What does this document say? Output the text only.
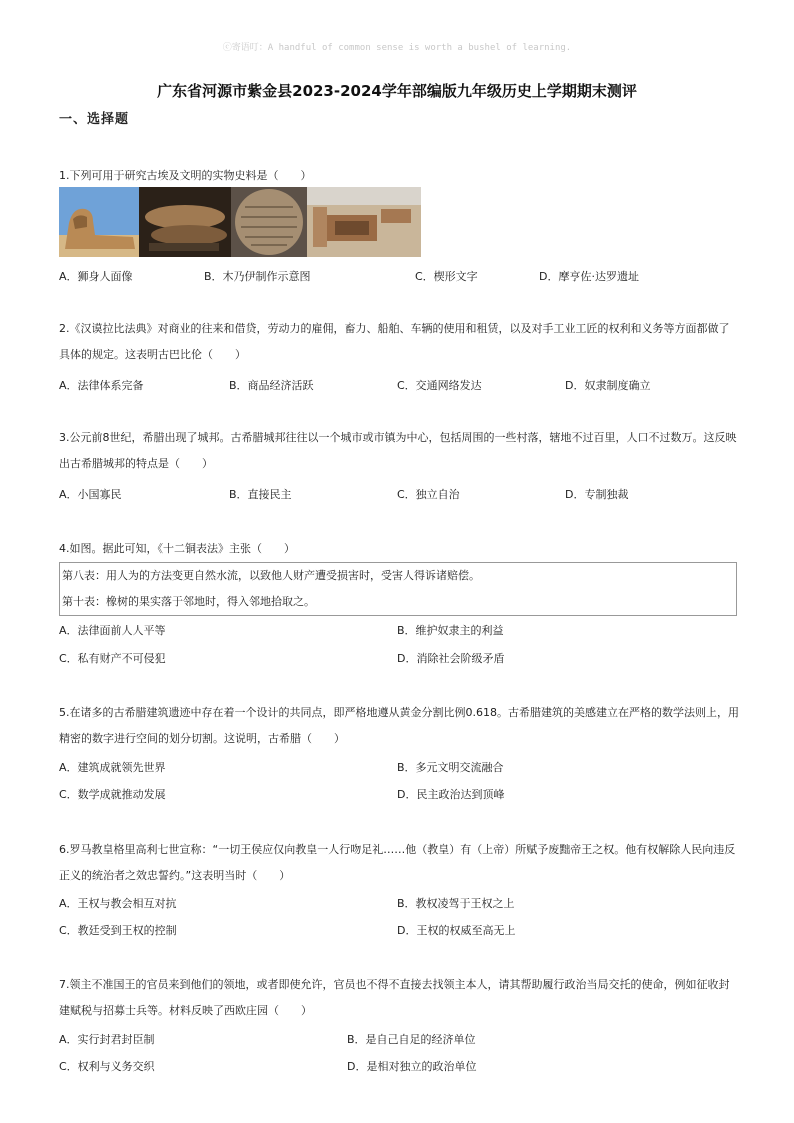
ⓒ寄语叮：A handful of common sense is worth a bushel of learning.
广东省河源市紫金县2023-2024学年部编版九年级历史上学期期末测评
一、选择题
1.下列可用于研究古埃及文明的实物史料是（　　）
A．狮身人面像	B．木乃伊制作示意图	C．楔形文字	D．摩亨佐·达罗遗址
2.《汉谟拉比法典》对商业的往来和借贷，劳动力的雇佣，畜力、船舶、车辆的使用和租赁，以及对手工业工匠的权利和义务等方面都做了具体的规定。这表明古巴比伦（　　）
A．法律体系完备	B．商品经济活跃	C．交通网络发达	D．奴隶制度确立
3.公元前8世纪，希腊出现了城邦。古希腊城邦往往以一个城市或市镇为中心，包括周围的一些村落，辖地不过百里，人口不过数万。这反映出古希腊城邦的特点是（　　）
A．小国寡民	B．直接民主	C．独立自治	D．专制独裁
4.如图。据此可知，《十二铜表法》主张（　　）
第八表：用人为的方法变更自然水流，以致他人财产遭受损害时，受害人得诉诸赔偿。
第十表：橡树的果实落于邻地时，得入邻地拾取之。
A．法律面前人人平等	B．维护奴隶主的利益
C．私有财产不可侵犯	D．消除社会阶级矛盾
5.在诸多的古希腊建筑遗迹中存在着一个设计的共同点，即严格地遵从黄金分割比例0.618。古希腊建筑的美感建立在严格的数学法则上，用精密的数字进行空间的划分切割。这说明，古希腊（　　）
A．建筑成就领先世界	B．多元文明交流融合
C．数学成就推动发展	D．民主政治达到顶峰
6.罗马教皇格里高利七世宣称：“一切王侯应仅向教皇一人行吻足礼……他（教皇）有（上帝）所赋予废黜帝王之权。他有权解除人民向违反正义的统治者之效忠誓约。”这表明当时（　　）
A．王权与教会相互对抗	B．教权凌驾于王权之上
C．教廷受到王权的控制	D．王权的权威至高无上
7.领主不准国王的官员来到他们的领地，或者即使允许，官员也不得不直接去找领主本人，请其帮助履行政治当局交托的使命，例如征收封建赋税与招募士兵等。材料反映了西欧庄园（　　）
A．实行封君封臣制	B．是自己自足的经济单位
C．权利与义务交织	D．是相对独立的政治单位
